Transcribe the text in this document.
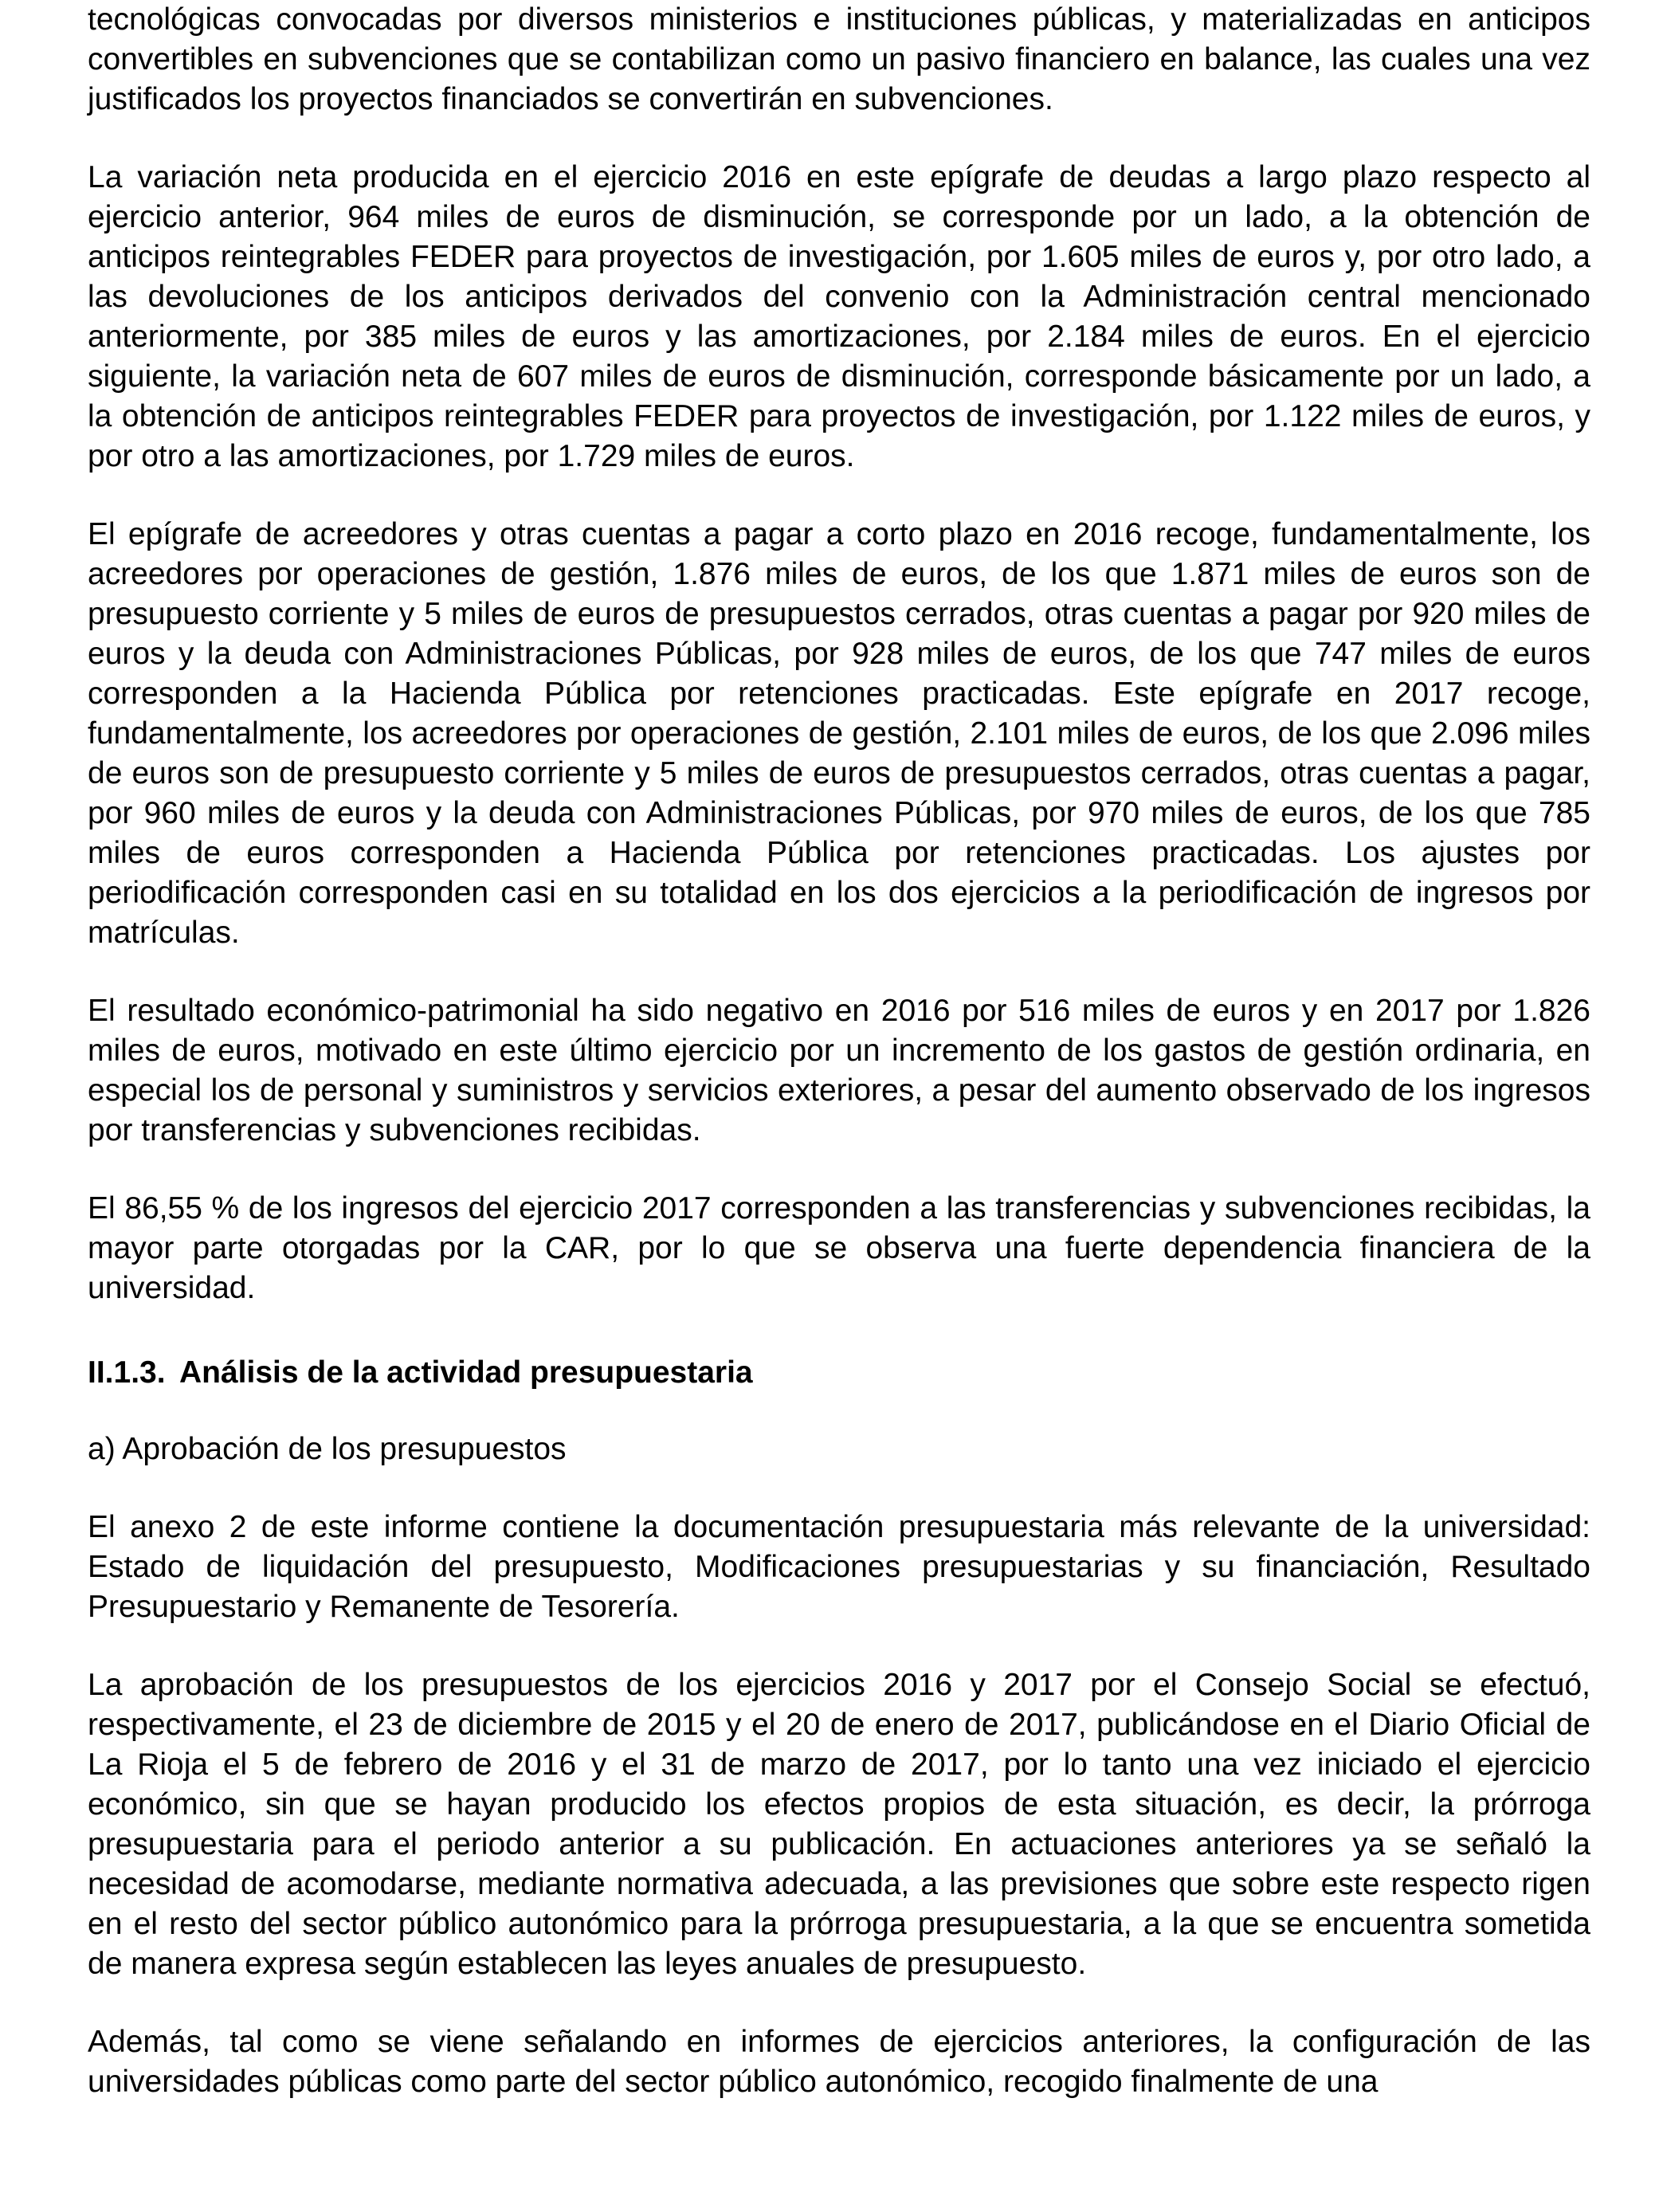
tecnológicas convocadas por diversos ministerios e instituciones públicas, y materializadas en anticipos convertibles en subvenciones que se contabilizan como un pasivo financiero en balance, las cuales una vez justificados los proyectos financiados se convertirán en subvenciones.

La variación neta producida en el ejercicio 2016 en este epígrafe de deudas a largo plazo respecto al ejercicio anterior, 964 miles de euros de disminución, se corresponde por un lado, a la obtención de anticipos reintegrables FEDER para proyectos de investigación, por 1.605 miles de euros y, por otro lado, a las devoluciones de los anticipos derivados del convenio con la Administración central mencionado anteriormente, por 385 miles de euros y las amortizaciones, por 2.184 miles de euros. En el ejercicio siguiente, la variación neta de 607 miles de euros de disminución, corresponde básicamente por un lado, a la obtención de anticipos reintegrables FEDER para proyectos de investigación, por 1.122 miles de euros, y por otro a las amortizaciones, por 1.729 miles de euros.

El epígrafe de acreedores y otras cuentas a pagar a corto plazo en 2016 recoge, fundamentalmente, los acreedores por operaciones de gestión, 1.876 miles de euros, de los que 1.871 miles de euros son de presupuesto corriente y 5 miles de euros de presupuestos cerrados, otras cuentas a pagar por 920 miles de euros y la deuda con Administraciones Públicas, por 928 miles de euros, de los que 747 miles de euros corresponden a la Hacienda Pública por retenciones practicadas. Este epígrafe en 2017 recoge, fundamentalmente, los acreedores por operaciones de gestión, 2.101 miles de euros, de los que 2.096 miles de euros son de presupuesto corriente y 5 miles de euros de presupuestos cerrados, otras cuentas a pagar, por 960 miles de euros y la deuda con Administraciones Públicas, por 970 miles de euros, de los que 785 miles de euros corresponden a Hacienda Pública por retenciones practicadas. Los ajustes por periodificación corresponden casi en su totalidad en los dos ejercicios a la periodificación de ingresos por matrículas.

El resultado económico-patrimonial ha sido negativo en 2016 por 516 miles de euros y en 2017 por 1.826 miles de euros, motivado en este último ejercicio por un incremento de los gastos de gestión ordinaria, en especial los de personal y suministros y servicios exteriores, a pesar del aumento observado de los ingresos por transferencias y subvenciones recibidas.

El 86,55 % de los ingresos del ejercicio 2017 corresponden a las transferencias y subvenciones recibidas, la mayor parte otorgadas por la CAR, por lo que se observa una fuerte dependencia financiera de la universidad.

II.1.3. Análisis de la actividad presupuestaria

a) Aprobación de los presupuestos

El anexo 2 de este informe contiene la documentación presupuestaria más relevante de la universidad: Estado de liquidación del presupuesto, Modificaciones presupuestarias y su financiación, Resultado Presupuestario y Remanente de Tesorería.

La aprobación de los presupuestos de los ejercicios 2016 y 2017 por el Consejo Social se efectuó, respectivamente, el 23 de diciembre de 2015 y el 20 de enero de 2017, publicándose en el Diario Oficial de La Rioja el 5 de febrero de 2016 y el 31 de marzo de 2017, por lo tanto una vez iniciado el ejercicio económico, sin que se hayan producido los efectos propios de esta situación, es decir, la prórroga presupuestaria para el periodo anterior a su publicación. En actuaciones anteriores ya se señaló la necesidad de acomodarse, mediante normativa adecuada, a las previsiones que sobre este respecto rigen en el resto del sector público autonómico para la prórroga presupuestaria, a la que se encuentra sometida de manera expresa según establecen las leyes anuales de presupuesto.

Además, tal como se viene señalando en informes de ejercicios anteriores, la configuración de las universidades públicas como parte del sector público autonómico, recogido finalmente de una
